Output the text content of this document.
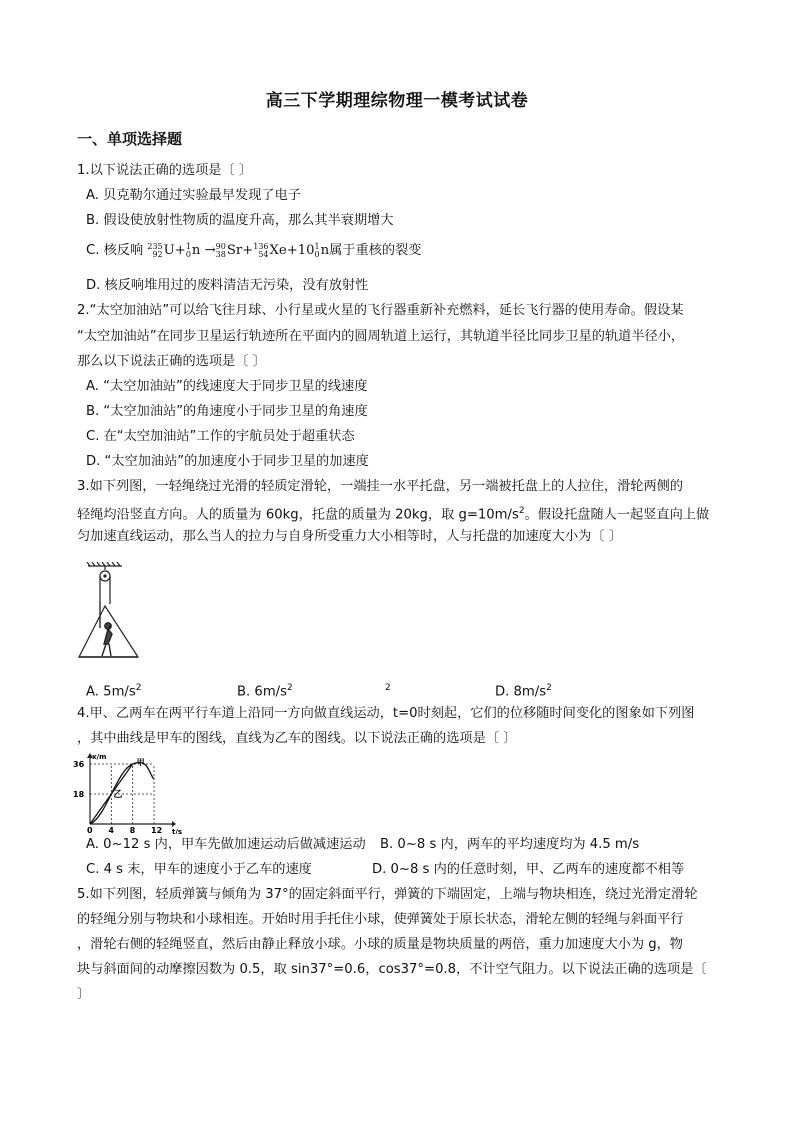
高三下学期理综物理一模考试试卷
一、单项选择题
1.以下说法正确的选项是〔 〕
A. 贝克勒尔通过实验最早发现了电子
B. 假设使放射性物质的温度升高，那么其半衰期增大
C. 核反响 235
92 U+ 1
0 n → 90
38 Sr+ 136
54 Xe+10 1
0 n属于重核的裂变
D. 核反响堆用过的废料清洁无污染，没有放射性
2.“太空加油站”可以给飞往月球、小行星或火星的飞行器重新补充燃料，延长飞行器的使用寿命。假设某
“太空加油站”在同步卫星运行轨迹所在平面内的圆周轨道上运行，其轨道半径比同步卫星的轨道半径小，
那么以下说法正确的选项是〔 〕
A. “太空加油站”的线速度大于同步卫星的线速度
B. “太空加油站”的角速度小于同步卫星的角速度
C. 在“太空加油站”工作的宇航员处于超重状态
D. “太空加油站”的加速度小于同步卫星的加速度
3.如下列图，一轻绳绕过光滑的轻质定滑轮，一端挂一水平托盘，另一端被托盘上的人拉住，滑轮两侧的
轻绳均沿竖直方向。人的质量为 60kg，托盘的质量为 20kg，取 $g=10m/s^2$。假设托盘随人一起竖直向上做
匀加速直线运动，那么当人的拉力与自身所受重力大小相等时，人与托盘的加速度大小为〔 〕
A. $5m/s^2$	B. $6m/s^2$	$^2$	D. $8m/s^2$
4.甲、乙两车在两平行车道上沿同一方向做直线运动，t=0时刻起，它们的位移随时间变化的图象如下列图
，其中曲线是甲车的图线，直线为乙车的图线。以下说法正确的选项是〔 〕
x/m
t/s
0 4 8 12
18
36	甲
乙
A. 0~12 s 内，甲车先做加速运动后做减速运动 B. 0~8 s 内，两车的平均速度均为 4.5 m/s
C. 4 s 末，甲车的速度小于乙车的速度	D. 0~8 s 内的任意时刻，甲、乙两车的速度都不相等
5.如下列图，轻质弹簧与倾角为 37°的固定斜面平行，弹簧的下端固定，上端与物块相连，绕过光滑定滑轮
的轻绳分别与物块和小球相连。开始时用手托住小球，使弹簧处于原长状态，滑轮左侧的轻绳与斜面平行
，滑轮右侧的轻绳竖直，然后由静止释放小球。小球的质量是物块质量的两倍，重力加速度大小为 g，物
块与斜面间的动摩擦因数为 0.5，取 sin37°=0.6，cos37°=0.8，不计空气阻力。以下说法正确的选项是〔
〕
